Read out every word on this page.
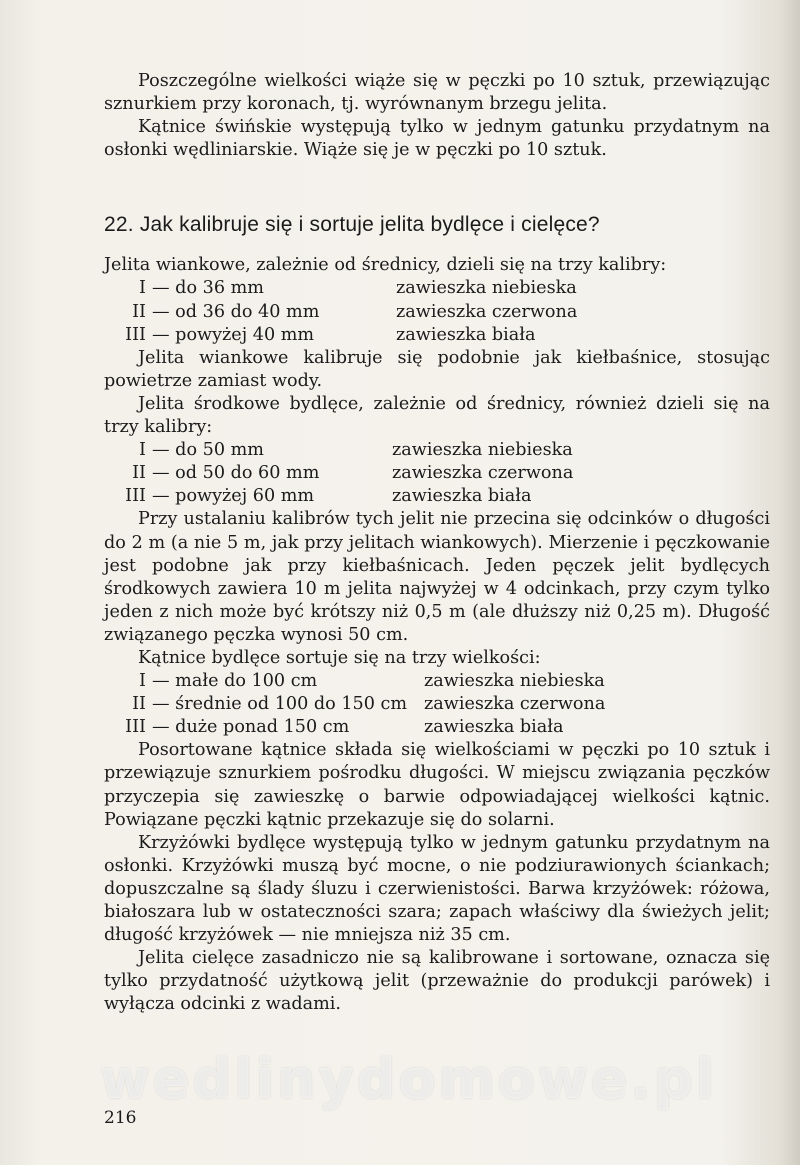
Poszczególne wielkości wiąże się w pęczki po 10 sztuk, przewiązując sznurkiem przy koronach, tj. wyrównanym brzegu jelita.

Kątnice świńskie występują tylko w jednym gatunku przydatnym na osłonki wędliniarskie. Wiąże się je w pęczki po 10 sztuk.

22. Jak kalibruje się i sortuje jelita bydlęce i cielęce?

Jelita wiankowe, zależnie od średnicy, dzieli się na trzy kalibry:

I — do 36 mm	zawieszka niebieska
II — od 36 do 40 mm	zawieszka czerwona
III — powyżej 40 mm	zawieszka biała

Jelita wiankowe kalibruje się podobnie jak kiełbaśnice, stosując powietrze zamiast wody.

Jelita środkowe bydlęce, zależnie od średnicy, również dzieli się na trzy kalibry:

I — do 50 mm	zawieszka niebieska
II — od 50 do 60 mm	zawieszka czerwona
III — powyżej 60 mm	zawieszka biała

Przy ustalaniu kalibrów tych jelit nie przecina się odcinków o długości do 2 m (a nie 5 m, jak przy jelitach wiankowych). Mierzenie i pęczkowanie jest podobne jak przy kiełbaśnicach. Jeden pęczek jelit bydlęcych środkowych zawiera 10 m jelita najwyżej w 4 odcinkach, przy czym tylko jeden z nich może być krótszy niż 0,5 m (ale dłuższy niż 0,25 m). Długość związanego pęczka wynosi 50 cm.

Kątnice bydlęce sortuje się na trzy wielkości:

I — małe do 100 cm	zawieszka niebieska
II — średnie od 100 do 150 cm zawieszka czerwona
III — duże ponad 150 cm	zawieszka biała

Posortowane kątnice składa się wielkościami w pęczki po 10 sztuk i przewiązuje sznurkiem pośrodku długości. W miejscu związania pęczków przyczepia się zawieszkę o barwie odpowiadającej wielkości kątnic. Powiązane pęczki kątnic przekazuje się do solarni.

Krzyżówki bydlęce występują tylko w jednym gatunku przydatnym na osłonki. Krzyżówki muszą być mocne, o nie podziurawionych ściankach; dopuszczalne są ślady śluzu i czerwienistości. Barwa krzyżówek: różowa, białoszara lub w ostateczności szara; zapach właściwy dla świeżych jelit; długość krzyżówek — nie mniejsza niż 35 cm.

Jelita cielęce zasadniczo nie są kalibrowane i sortowane, oznacza się tylko przydatność użytkową jelit (przeważnie do produkcji parówek) i wyłącza odcinki z wadami.

wedlinydomowe.pl
216
